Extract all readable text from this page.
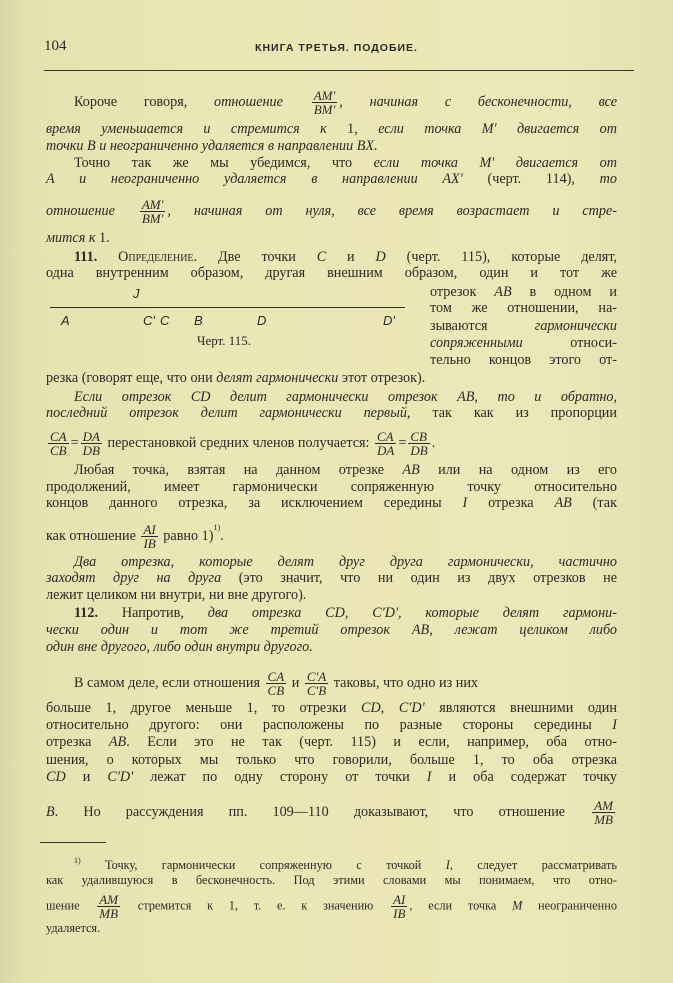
104	КНИГА ТРЕТЬЯ. ПОДОБИЕ.
Короче говоря, отношение $\frac{AM'}{BM'}$ , начиная с бесконечности, все
время уменьшается и стремится к 1, если точка M' двигается от
точки B и неограниченно удаляется в направлении BX.
Точно так же мы убедимся, что если точка M' двигается от
A и неограниченно удаляется в направлении AX' (черт. 114), то
отношение $\frac{AM'}{BM'}$ , начиная от нуля, все время возрастает и стре-
мится к 1.
111. Определение. Две точки C и D (черт. 115), которые делят,
одна внутренним образом, другая внешним образом, один и тот же
отрезок AB в одном и
том же отношении, на-
зываются гармонически
сопряженными относи-
тельно концов этого от-
резка (говорят еще, что они делят гармонически этот отрезок).
Если отрезок CD делит гармонически отрезок AB, то и обратно,
последний отрезок делит гармонически первый, так как из пропорции
$\frac{CA}{CB} = \frac{DA}{DB}$ перестановкой средних членов получается: $\frac{CA}{DA} = \frac{CB}{DB}$ .
Любая точка, взятая на данном отрезке AB или на одном из его
продолжений, имеет гармонически сопряженную точку относительно
концов данного отрезка, за исключением середины I отрезка AB (так
как отношение $\frac{AI}{IB}$ равно 1)$^{1)}$.
Два отрезка, которые делят друг друга гармонически, частично
заходят друг на друга (это значит, что ни один из двух отрезков не
лежит целиком ни внутри, ни вне другого).
112. Напротив, два отрезка CD, C'D', которые делят гармони-
чески один и тот же третий отрезок AB, лежат целиком либо
один вне другого, либо один внутри другого.
В самом деле, если отношения $\frac{CA}{CB}$ и $\frac{C'A}{C'B}$ таковы, что одно из них
больше 1, другое меньше 1, то отрезки CD, C'D' являются внешними один
относительно другого: они расположены по разные стороны середины I
отрезка AB. Если это не так (черт. 115) и если, например, оба отно-
шения, о которых мы только что говорили, больше 1, то оба отрезка
CD и C'D' лежат по одну сторону от точки I и оба содержат точку
B. Но рассуждения пп. 109—110 доказывают, что отношение $\frac{AM}{MB}$
$^{1)}$ Точку, гармонически сопряженную с точкой I, следует рассматривать
как удалившуюся в бесконечность. Под этими словами мы понимаем, что отно-
шение $\frac{AM}{MB}$ стремится к 1, т. е. к значению $\frac{AI}{IB}$ , если точка M неограниченно
удаляется.
J
A	C' C B	D	D'
Черт. 115.
